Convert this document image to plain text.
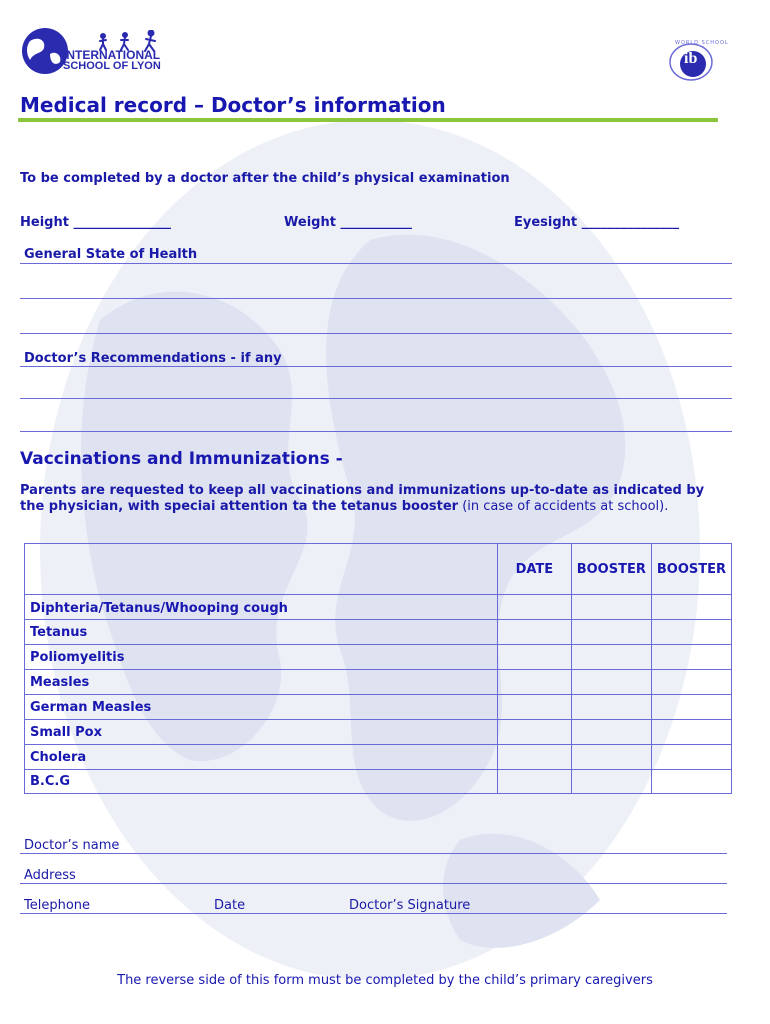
INTERNATIONAL
SCHOOL OF LYON	ib
WORLD SCHOOL
Medical record – Doctor’s information
To be completed by a doctor after the child’s physical examination
Height _______________	Weight ___________	Eyesight _______________
General State of Health
Doctor’s Recommendations - if any
Vaccinations and Immunizations -
Parents are requested to keep all vaccinations and immunizations up-to-date as indicated by the physician, with speciai attention ta the tetanus booster (in case of accidents at school).
	DATE	BOOSTER	BOOSTER
Diphteria/Tetanus/Whooping cough			
Tetanus			
Poliomyelitis			
Measles			
German Measles			
Small Pox			
Cholera			
B.C.G			
Doctor’s name
Address
Telephone	Date	Doctor’s Signature
The reverse side of this form must be completed by the child’s primary caregivers
